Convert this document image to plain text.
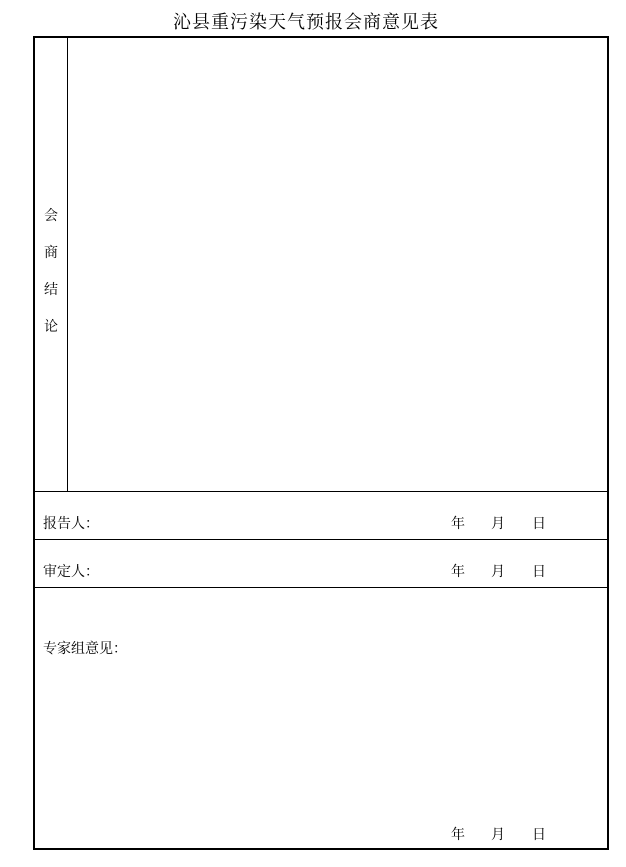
沁县重污染天气预报会商意见表
会
商
结
论
报告人：	年 月 日
审定人：	年 月 日
专家组意见：
年 月 日
